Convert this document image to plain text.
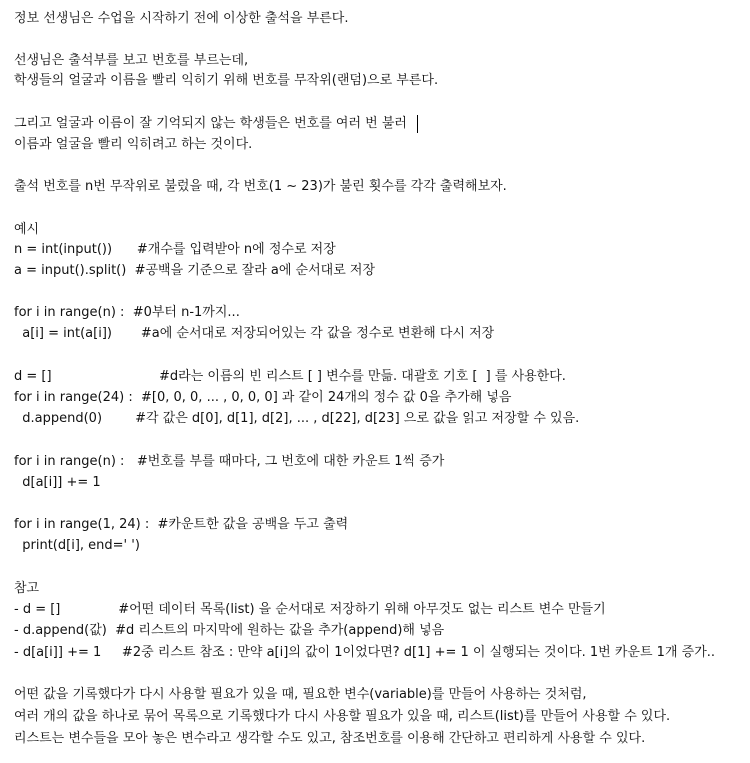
정보 선생님은 수업을 시작하기 전에 이상한 출석을 부른다.
선생님은 출석부를 보고 번호를 부르는데,
학생들의 얼굴과 이름을 빨리 익히기 위해 번호를 무작위(랜덤)으로 부른다.
그리고 얼굴과 이름이 잘 기억되지 않는 학생들은 번호를 여러 번 불러
이름과 얼굴을 빨리 익히려고 하는 것이다.
출석 번호를 n번 무작위로 불렀을 때, 각 번호(1 ~ 23)가 불린 횟수를 각각 출력해보자.
예시
n = int(input())      #개수를 입력받아 n에 정수로 저장
a = input().split()  #공백을 기준으로 잘라 a에 순서대로 저장
for i in range(n) :  #0부터 n-1까지...
a[i] = int(a[i])       #a에 순서대로 저장되어있는 각 값을 정수로 변환해 다시 저장
d = []                          #d라는 이름의 빈 리스트 [ ] 변수를 만듦. 대괄호 기호 [  ] 를 사용한다.
for i in range(24) :  #[0, 0, 0, ... , 0, 0, 0] 과 같이 24개의 정수 값 0을 추가해 넣음
d.append(0)        #각 값은 d[0], d[1], d[2], ... , d[22], d[23] 으로 값을 읽고 저장할 수 있음.
for i in range(n) :   #번호를 부를 때마다, 그 번호에 대한 카운트 1씩 증가
d[a[i]] += 1
for i in range(1, 24) :  #카운트한 값을 공백을 두고 출력
print(d[i], end=' ')
참고
- d = []              #어떤 데이터 목록(list) 을 순서대로 저장하기 위해 아무것도 없는 리스트 변수 만들기
- d.append(값)  #d 리스트의 마지막에 원하는 값을 추가(append)해 넣음
- d[a[i]] += 1     #2중 리스트 참조 : 만약 a[i]의 값이 1이었다면? d[1] += 1 이 실행되는 것이다. 1번 카운트 1개 증가..
어떤 값을 기록했다가 다시 사용할 필요가 있을 때, 필요한 변수(variable)를 만들어 사용하는 것처럼,
여러 개의 값을 하나로 묶어 목록으로 기록했다가 다시 사용할 필요가 있을 때, 리스트(list)를 만들어 사용할 수 있다.
리스트는 변수들을 모아 놓은 변수라고 생각할 수도 있고, 참조번호를 이용해 간단하고 편리하게 사용할 수 있다.
